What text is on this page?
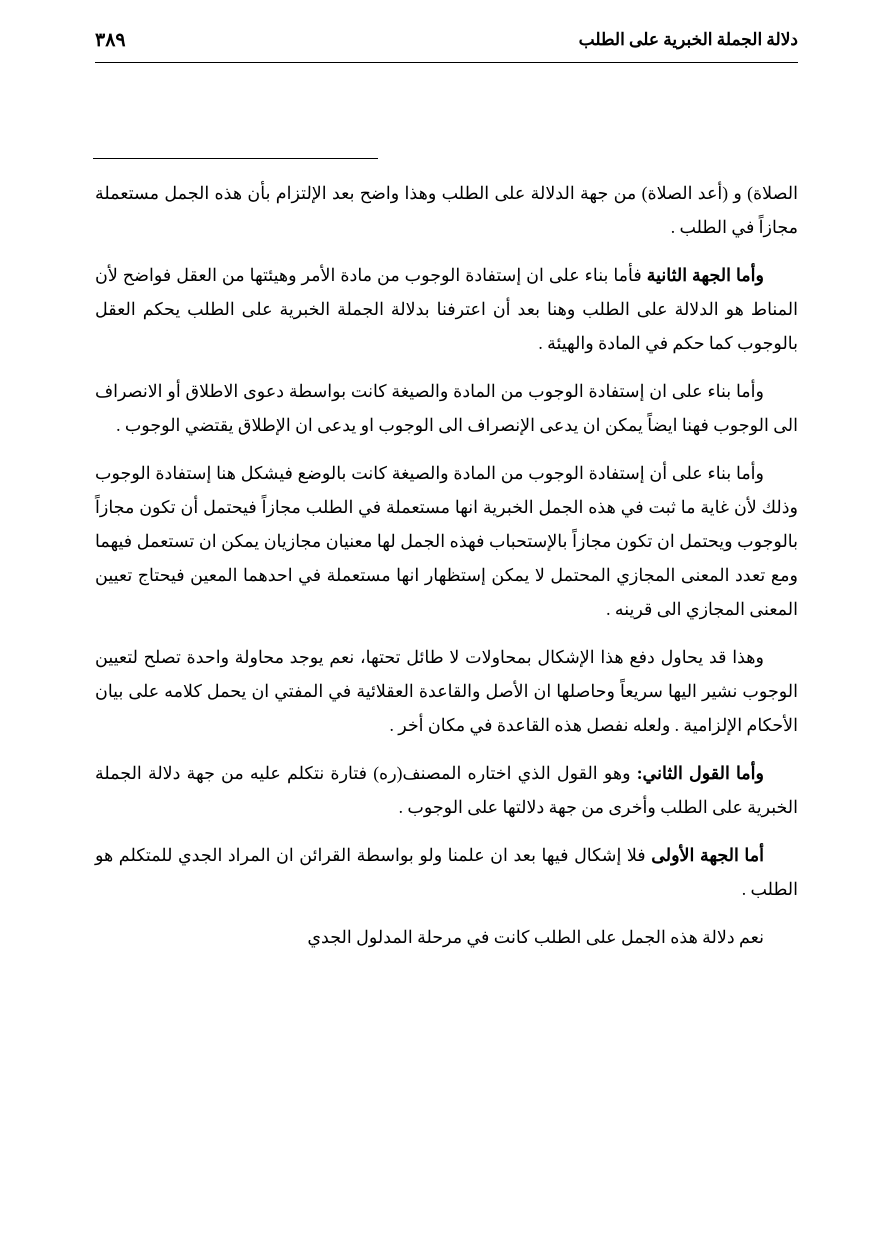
دلالة الجملة الخبرية على الطلب
٣٨٩

الصلاة) و (أعد الصلاة) من جهة الدلالة على الطلب وهذا واضح بعد الإلتزام بأن هذه الجمل مستعملة مجازاً في الطلب .

وأما الجهة الثانية فأما بناء على ان إستفادة الوجوب من مادة الأمر وهيئتها من العقل فواضح لأن المناط هو الدلالة على الطلب وهنا بعد أن اعترفنا بدلالة الجملة الخبرية على الطلب يحكم العقل بالوجوب كما حكم في المادة والهيئة .

وأما بناء على ان إستفادة الوجوب من المادة والصيغة كانت بواسطة دعوى الاطلاق أو الانصراف الى الوجوب فهنا ايضاً يمكن ان يدعى الإنصراف الى الوجوب او يدعى ان الإطلاق يقتضي الوجوب .

وأما بناء على أن إستفادة الوجوب من المادة والصيغة كانت بالوضع فيشكل هنا إستفادة الوجوب وذلك لأن غاية ما ثبت في هذه الجمل الخبرية انها مستعملة في الطلب مجازاً فيحتمل أن تكون مجازاً بالوجوب ويحتمل ان تكون مجازاً بالإستحباب فهذه الجمل لها معنيان مجازيان يمكن ان تستعمل فيهما ومع تعدد المعنى المجازي المحتمل لا يمكن إستظهار انها مستعملة في احدهما المعين فيحتاج تعيين المعنى المجازي الى قرينه .

وهذا قد يحاول دفع هذا الإشكال بمحاولات لا طائل تحتها، نعم يوجد محاولة واحدة تصلح لتعيين الوجوب نشير اليها سريعاً وحاصلها ان الأصل والقاعدة العقلائية في المفتي ان يحمل كلامه على بيان الأحكام الإلزامية . ولعله نفصل هذه القاعدة في مكان أخر .

وأما القول الثاني: وهو القول الذي اختاره المصنف(ره) فتارة نتكلم عليه من جهة دلالة الجملة الخبرية على الطلب وأخرى من جهة دلالتها على الوجوب .

أما الجهة الأولى فلا إشكال فيها بعد ان علمنا ولو بواسطة القرائن ان المراد الجدي للمتكلم هو الطلب .

نعم دلالة هذه الجمل على الطلب كانت في مرحلة المدلول الجدي
